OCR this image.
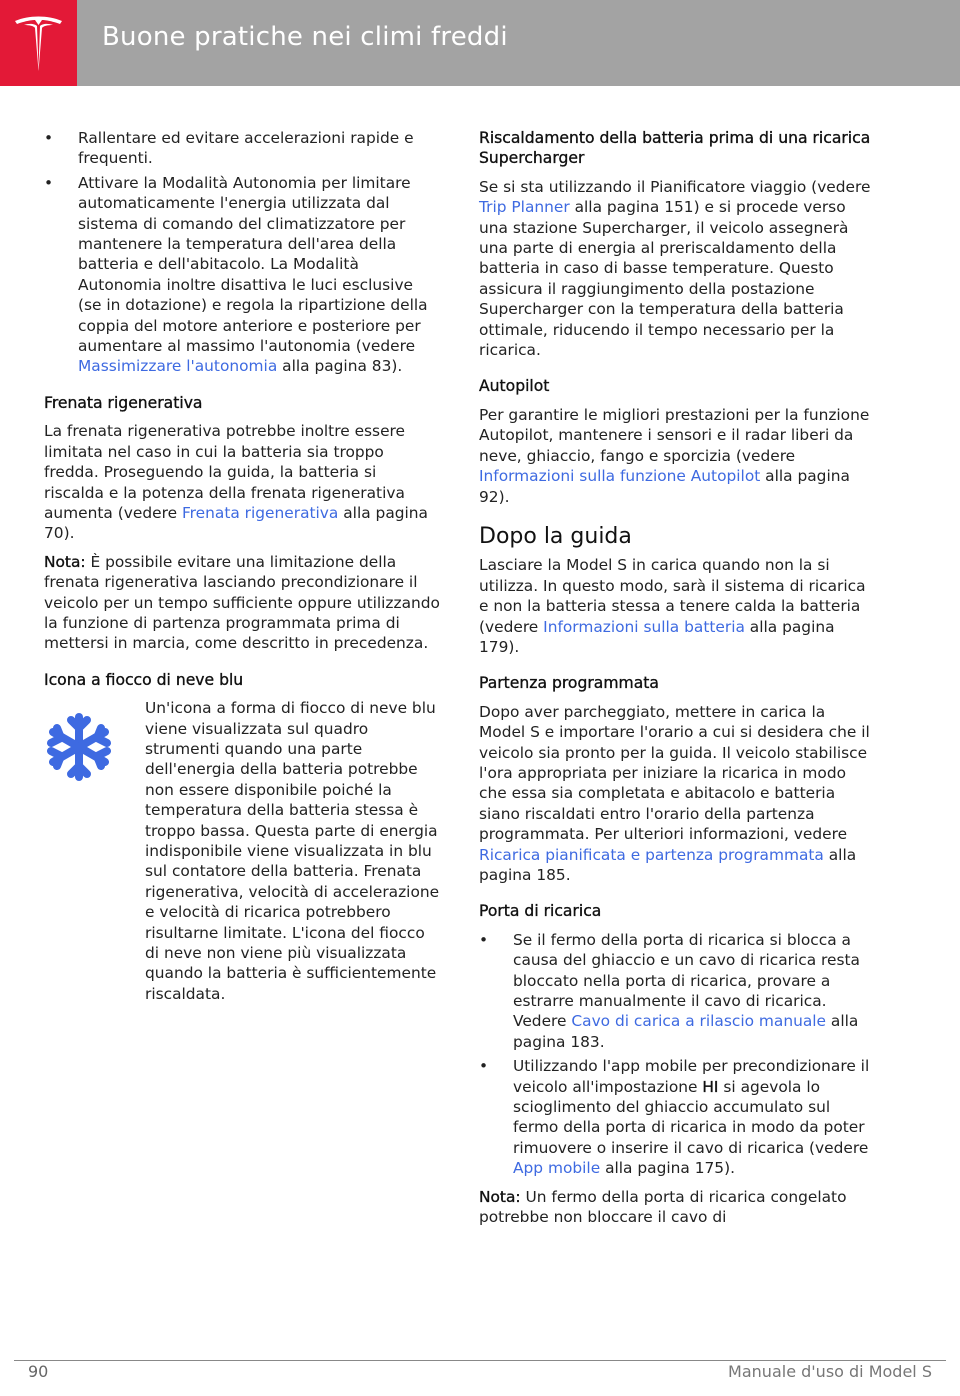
Buone pratiche nei climi freddi
• Rallentare ed evitare accelerazioni rapide e frequenti.
• Attivare la Modalità Autonomia per limitare automaticamente l'energia utilizzata dal sistema di comando del climatizzatore per mantenere la temperatura dell'area della batteria e dell'abitacolo. La Modalità Autonomia inoltre disattiva le luci esclusive (se in dotazione) e regola la ripartizione della coppia del motore anteriore e posteriore per aumentare al massimo l'autonomia (vedere Massimizzare l'autonomia alla pagina 83).
Frenata rigenerativa

La frenata rigenerativa potrebbe inoltre essere limitata nel caso in cui la batteria sia troppo fredda. Proseguendo la guida, la batteria si riscalda e la potenza della frenata rigenerativa aumenta (vedere Frenata rigenerativa alla pagina 70).

Nota: È possibile evitare una limitazione della frenata rigenerativa lasciando precondizionare il veicolo per un tempo sufficiente oppure utilizzando la funzione di partenza programmata prima di mettersi in marcia, come descritto in precedenza.

Icona a fiocco di neve blu
Un'icona a forma di fiocco di neve blu viene visualizzata sul quadro strumenti quando una parte dell'energia della batteria potrebbe non essere disponibile poiché la temperatura della batteria stessa è troppo bassa. Questa parte di energia indisponibile viene visualizzata in blu sul contatore della batteria. Frenata rigenerativa, velocità di accelerazione e velocità di ricarica potrebbero risultarne limitate. L'icona del fiocco di neve non viene più visualizzata quando la batteria è sufficientemente riscaldata.
Riscaldamento della batteria prima di una ricarica Supercharger

Se si sta utilizzando il Pianificatore viaggio (vedere Trip Planner alla pagina 151) e si procede verso una stazione Supercharger, il veicolo assegnerà una parte di energia al preriscaldamento della batteria in caso di basse temperature. Questo assicura il raggiungimento della postazione Supercharger con la temperatura della batteria ottimale, riducendo il tempo necessario per la ricarica.

Autopilot

Per garantire le migliori prestazioni per la funzione Autopilot, mantenere i sensori e il radar liberi da neve, ghiaccio, fango e sporcizia (vedere Informazioni sulla funzione Autopilot alla pagina 92).

Dopo la guida

Lasciare la Model S in carica quando non la si utilizza. In questo modo, sarà il sistema di ricarica e non la batteria stessa a tenere calda la batteria (vedere Informazioni sulla batteria alla pagina 179).

Partenza programmata

Dopo aver parcheggiato, mettere in carica la Model S e importare l'orario a cui si desidera che il veicolo sia pronto per la guida. Il veicolo stabilisce l'ora appropriata per iniziare la ricarica in modo che essa sia completata e abitacolo e batteria siano riscaldati entro l'orario della partenza programmata. Per ulteriori informazioni, vedere Ricarica pianificata e partenza programmata alla pagina 185.

Porta di ricarica
• Se il fermo della porta di ricarica si blocca a causa del ghiaccio e un cavo di ricarica resta bloccato nella porta di ricarica, provare a estrarre manualmente il cavo di ricarica. Vedere Cavo di carica a rilascio manuale alla pagina 183.
• Utilizzando l'app mobile per precondizionare il veicolo all'impostazione HI si agevola lo scioglimento del ghiaccio accumulato sul fermo della porta di ricarica in modo da poter rimuovere o inserire il cavo di ricarica (vedere App mobile alla pagina 175).

Nota: Un fermo della porta di ricarica congelato potrebbe non bloccare il cavo di

90	Manuale d'uso di Model S
